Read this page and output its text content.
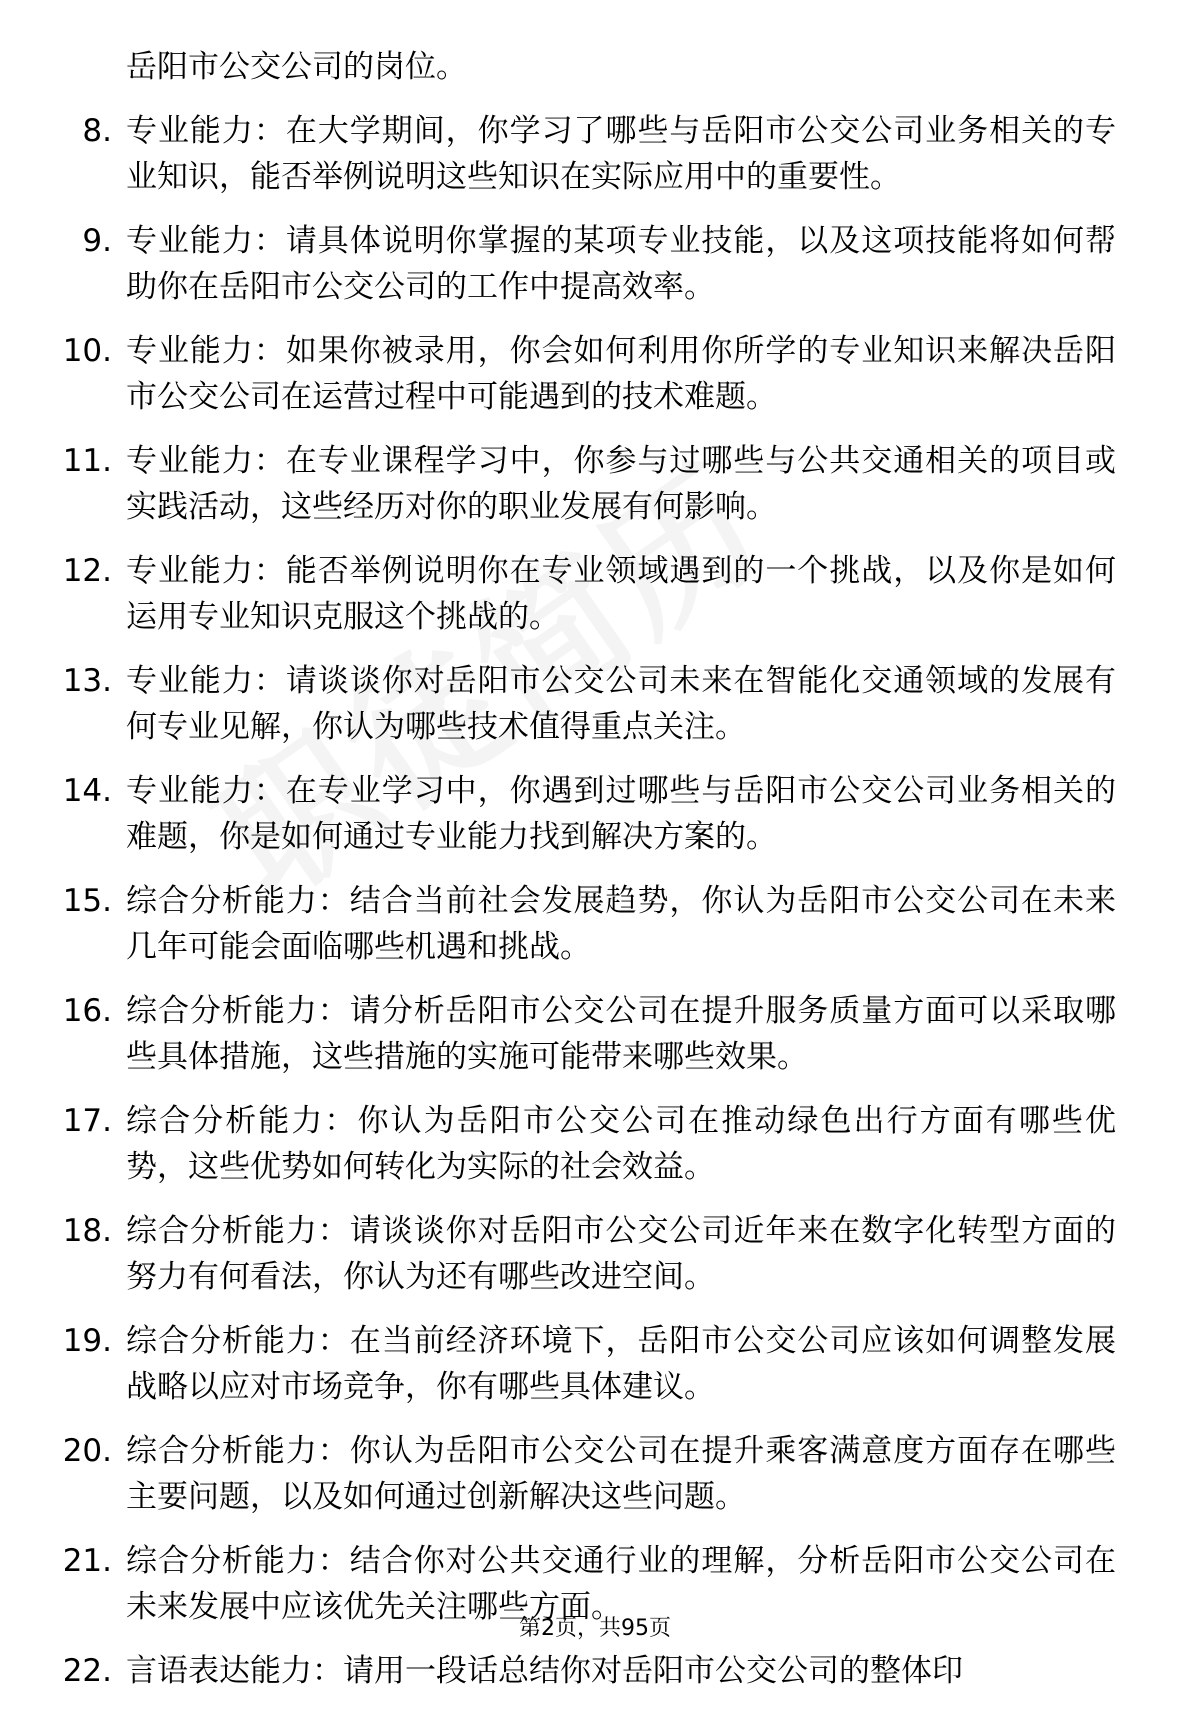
岳阳市公交公司的岗位。
8. 专业能力：在大学期间，你学习了哪些与岳阳市公交公司业务相关的专业知识，能否举例说明这些知识在实际应用中的重要性。
9. 专业能力：请具体说明你掌握的某项专业技能，以及这项技能将如何帮助你在岳阳市公交公司的工作中提高效率。
10. 专业能力：如果你被录用，你会如何利用你所学的专业知识来解决岳阳市公交公司在运营过程中可能遇到的技术难题。
11. 专业能力：在专业课程学习中，你参与过哪些与公共交通相关的项目或实践活动，这些经历对你的职业发展有何影响。
12. 专业能力：能否举例说明你在专业领域遇到的一个挑战，以及你是如何运用专业知识克服这个挑战的。
13. 专业能力：请谈谈你对岳阳市公交公司未来在智能化交通领域的发展有何专业见解，你认为哪些技术值得重点关注。
14. 专业能力：在专业学习中，你遇到过哪些与岳阳市公交公司业务相关的难题，你是如何通过专业能力找到解决方案的。
15. 综合分析能力：结合当前社会发展趋势，你认为岳阳市公交公司在未来几年可能会面临哪些机遇和挑战。
16. 综合分析能力：请分析岳阳市公交公司在提升服务质量方面可以采取哪些具体措施，这些措施的实施可能带来哪些效果。
17. 综合分析能力：你认为岳阳市公交公司在推动绿色出行方面有哪些优势，这些优势如何转化为实际的社会效益。
18. 综合分析能力：请谈谈你对岳阳市公交公司近年来在数字化转型方面的努力有何看法，你认为还有哪些改进空间。
19. 综合分析能力：在当前经济环境下，岳阳市公交公司应该如何调整发展战略以应对市场竞争，你有哪些具体建议。
20. 综合分析能力：你认为岳阳市公交公司在提升乘客满意度方面存在哪些主要问题，以及如何通过创新解决这些问题。
21. 综合分析能力：结合你对公共交通行业的理解，分析岳阳市公交公司在未来发展中应该优先关注哪些方面。
22. 言语表达能力：请用一段话总结你对岳阳市公交公司的整体印
第2页，共95页
